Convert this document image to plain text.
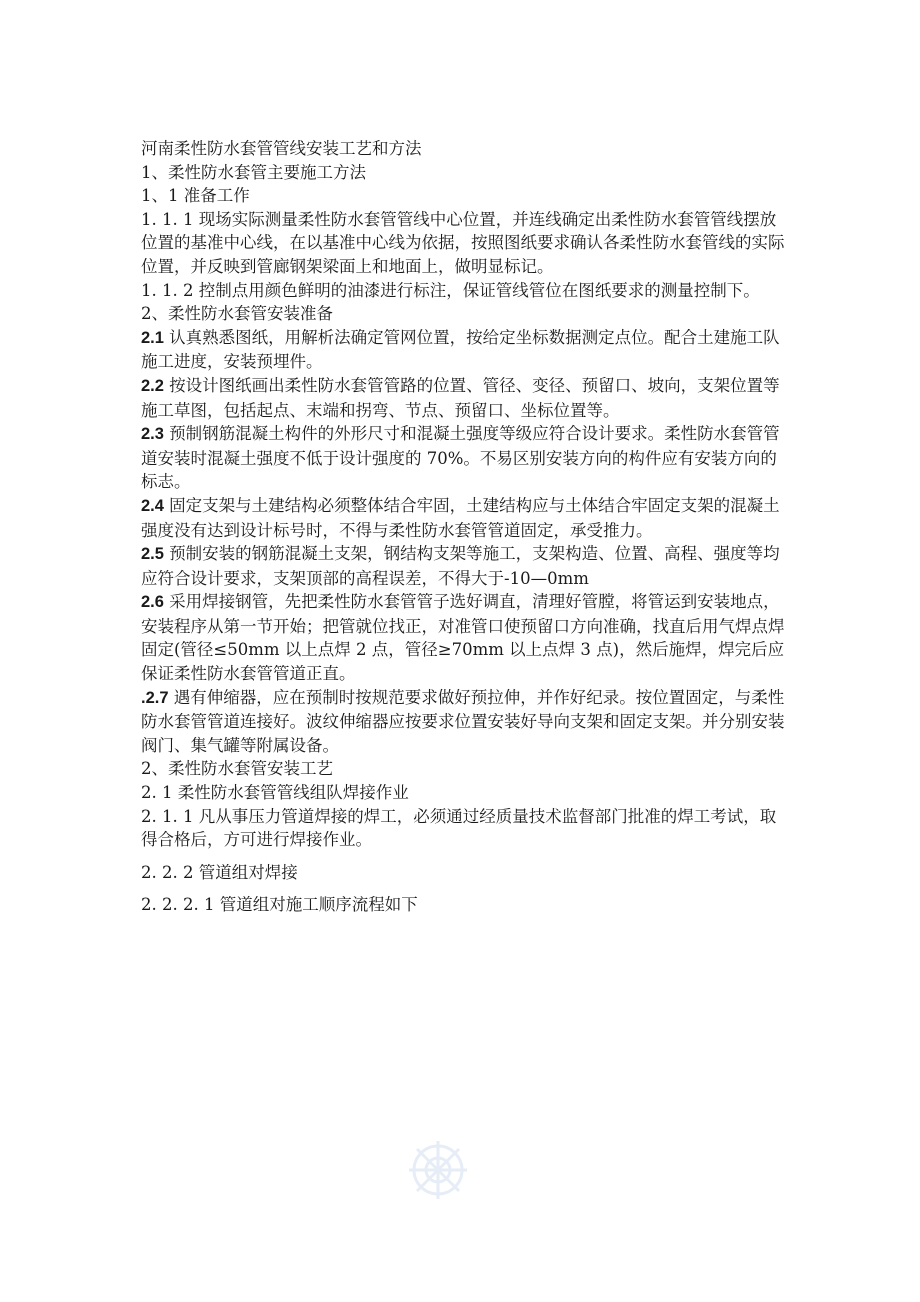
河南柔性防水套管管线安装工艺和方法

1、柔性防水套管主要施工方法

1、1 准备工作

1. 1. 1 现场实际测量柔性防水套管管线中心位置，并连线确定出柔性防水套管管线摆放位置的基准中心线，在以基准中心线为依据，按照图纸要求确认各柔性防水套管线的实际位置，并反映到管廊钢架梁面上和地面上，做明显标记。

1. 1. 2 控制点用颜色鲜明的油漆进行标注，保证管线管位在图纸要求的测量控制下。

2、柔性防水套管安装准备

2.1 认真熟悉图纸，用解析法确定管网位置，按给定坐标数据测定点位。配合土建施工队施工进度，安装预埋件。

2.2 按设计图纸画出柔性防水套管管路的位置、管径、变径、预留口、坡向，支架位置等施工草图，包括起点、末端和拐弯、节点、预留口、坐标位置等。

2.3 预制钢筋混凝土构件的外形尺寸和混凝土强度等级应符合设计要求。柔性防水套管管道安装时混凝土强度不低于设计强度的 70%。不易区别安装方向的构件应有安装方向的标志。

2.4 固定支架与土建结构必须整体结合牢固，土建结构应与土体结合牢固定支架的混凝土强度没有达到设计标号时，不得与柔性防水套管管道固定，承受推力。

2.5 预制安装的钢筋混凝土支架，钢结构支架等施工，支架构造、位置、高程、强度等均应符合设计要求，支架顶部的高程误差，不得大于-10—0mm

2.6 采用焊接钢管，先把柔性防水套管管子选好调直，清理好管膛，将管运到安装地点，安装程序从第一节开始；把管就位找正，对准管口使预留口方向准确，找直后用气焊点焊固定(管径≤50mm 以上点焊 2 点，管径≥70mm 以上点焊 3 点)，然后施焊，焊完后应保证柔性防水套管管道正直。

.2.7 遇有伸缩器，应在预制时按规范要求做好预拉伸，并作好纪录。按位置固定，与柔性防水套管管道连接好。波纹伸缩器应按要求位置安装好导向支架和固定支架。并分别安装阀门、集气罐等附属设备。

2、柔性防水套管安装工艺

2. 1 柔性防水套管管线组队焊接作业

2. 1. 1 凡从事压力管道焊接的焊工，必须通过经质量技术监督部门批准的焊工考试，取得合格后，方可进行焊接作业。

2. 2. 2 管道组对焊接

2. 2. 2. 1 管道组对施工顺序流程如下
